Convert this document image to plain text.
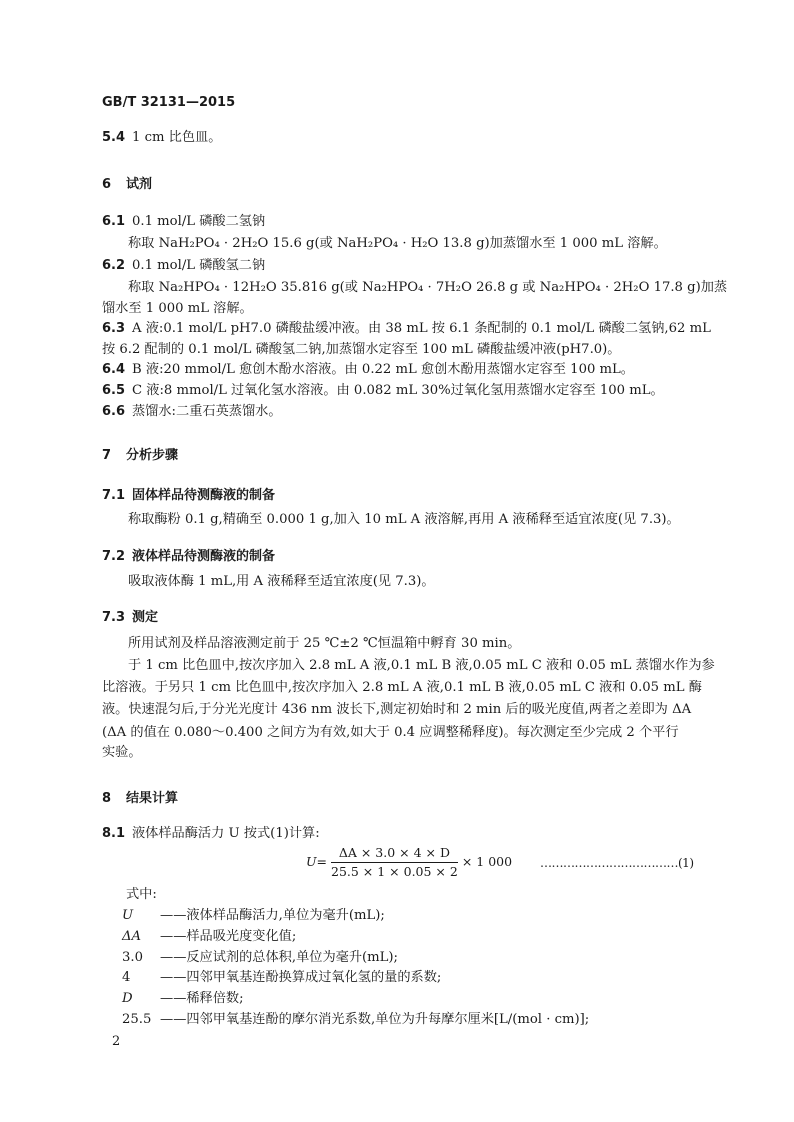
GB/T 32131—2015
5.4 1 cm 比色皿。
6 试剂
6.1 0.1 mol/L 磷酸二氢钠
称取 NaH₂PO₄ · 2H₂O 15.6 g(或 NaH₂PO₄ · H₂O 13.8 g)加蒸馏水至 1 000 mL 溶解。
6.2 0.1 mol/L 磷酸氢二钠
称取 Na₂HPO₄ · 12H₂O 35.816 g(或 Na₂HPO₄ · 7H₂O 26.8 g 或 Na₂HPO₄ · 2H₂O 17.8 g)加蒸
馏水至 1 000 mL 溶解。
6.3 A 液:0.1 mol/L pH7.0 磷酸盐缓冲液。由 38 mL 按 6.1 条配制的 0.1 mol/L 磷酸二氢钠,62 mL
按 6.2 配制的 0.1 mol/L 磷酸氢二钠,加蒸馏水定容至 100 mL 磷酸盐缓冲液(pH7.0)。
6.4 B 液:20 mmol/L 愈创木酚水溶液。由 0.22 mL 愈创木酚用蒸馏水定容至 100 mL。
6.5 C 液:8 mmol/L 过氧化氢水溶液。由 0.082 mL 30%过氧化氢用蒸馏水定容至 100 mL。
6.6 蒸馏水:二重石英蒸馏水。
7 分析步骤
7.1 固体样品待测酶液的制备
称取酶粉 0.1 g,精确至 0.000 1 g,加入 10 mL A 液溶解,再用 A 液稀释至适宜浓度(见 7.3)。
7.2 液体样品待测酶液的制备
吸取液体酶 1 mL,用 A 液稀释至适宜浓度(见 7.3)。
7.3 测定
所用试剂及样品溶液测定前于 25 ℃±2 ℃恒温箱中孵育 30 min。
于 1 cm 比色皿中,按次序加入 2.8 mL A 液,0.1 mL B 液,0.05 mL C 液和 0.05 mL 蒸馏水作为参
比溶液。于另只 1 cm 比色皿中,按次序加入 2.8 mL A 液,0.1 mL B 液,0.05 mL C 液和 0.05 mL 酶
液。快速混匀后,于分光光度计 436 nm 波长下,测定初始时和 2 min 后的吸光度值,两者之差即为 ΔA
(ΔA 的值在 0.080～0.400 之间方为有效,如大于 0.4 应调整稀释度)。每次测定至少完成 2 个平行
实验。
8 结果计算
8.1 液体样品酶活力 U 按式(1)计算:
$U= \frac{\Delta A \times 3.0 \times 4 \times D}{25.5 \times 1 \times 0.05 \times 2} \times 1$ 000 ………………………………(1)
式中:
U ——液体样品酶活力,单位为毫升(mL);
ΔA ——样品吸光度变化值;
3.0 ——反应试剂的总体积,单位为毫升(mL);
4 ——四邻甲氧基连酚换算成过氧化氢的量的系数;
D ——稀释倍数;
25.5 ——四邻甲氧基连酚的摩尔消光系数,单位为升每摩尔厘米[L/(mol · cm)];
2
